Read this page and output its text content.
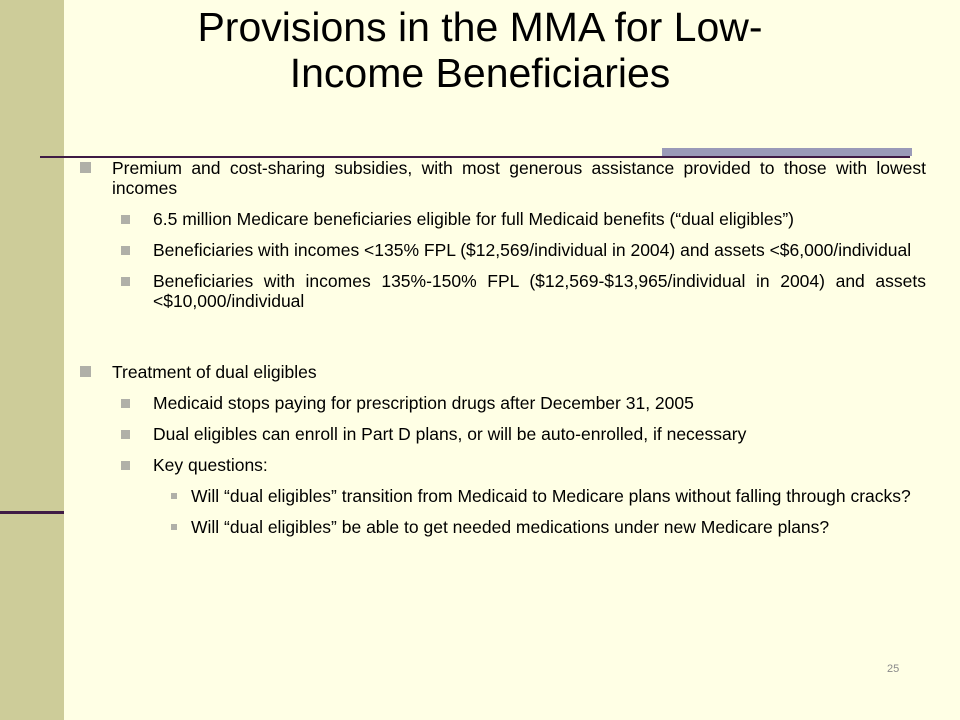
Provisions in the MMA for Low-
Income Beneficiaries
Premium and cost-sharing subsidies, with most generous assistance provided to those with lowest incomes
6.5 million Medicare beneficiaries eligible for full Medicaid benefits (“dual eligibles”)
Beneficiaries with incomes <135% FPL ($12,569/individual in 2004) and assets <$6,000/individual
Beneficiaries with incomes 135%-150% FPL ($12,569-$13,965/individual in 2004) and assets <$10,000/individual
Treatment of dual eligibles
Medicaid stops paying for prescription drugs after December 31, 2005
Dual eligibles can enroll in Part D plans, or will be auto-enrolled, if necessary
Key questions:
Will “dual eligibles” transition from Medicaid to Medicare plans without falling through cracks?
Will “dual eligibles” be able to get needed medications under new Medicare plans?
25
